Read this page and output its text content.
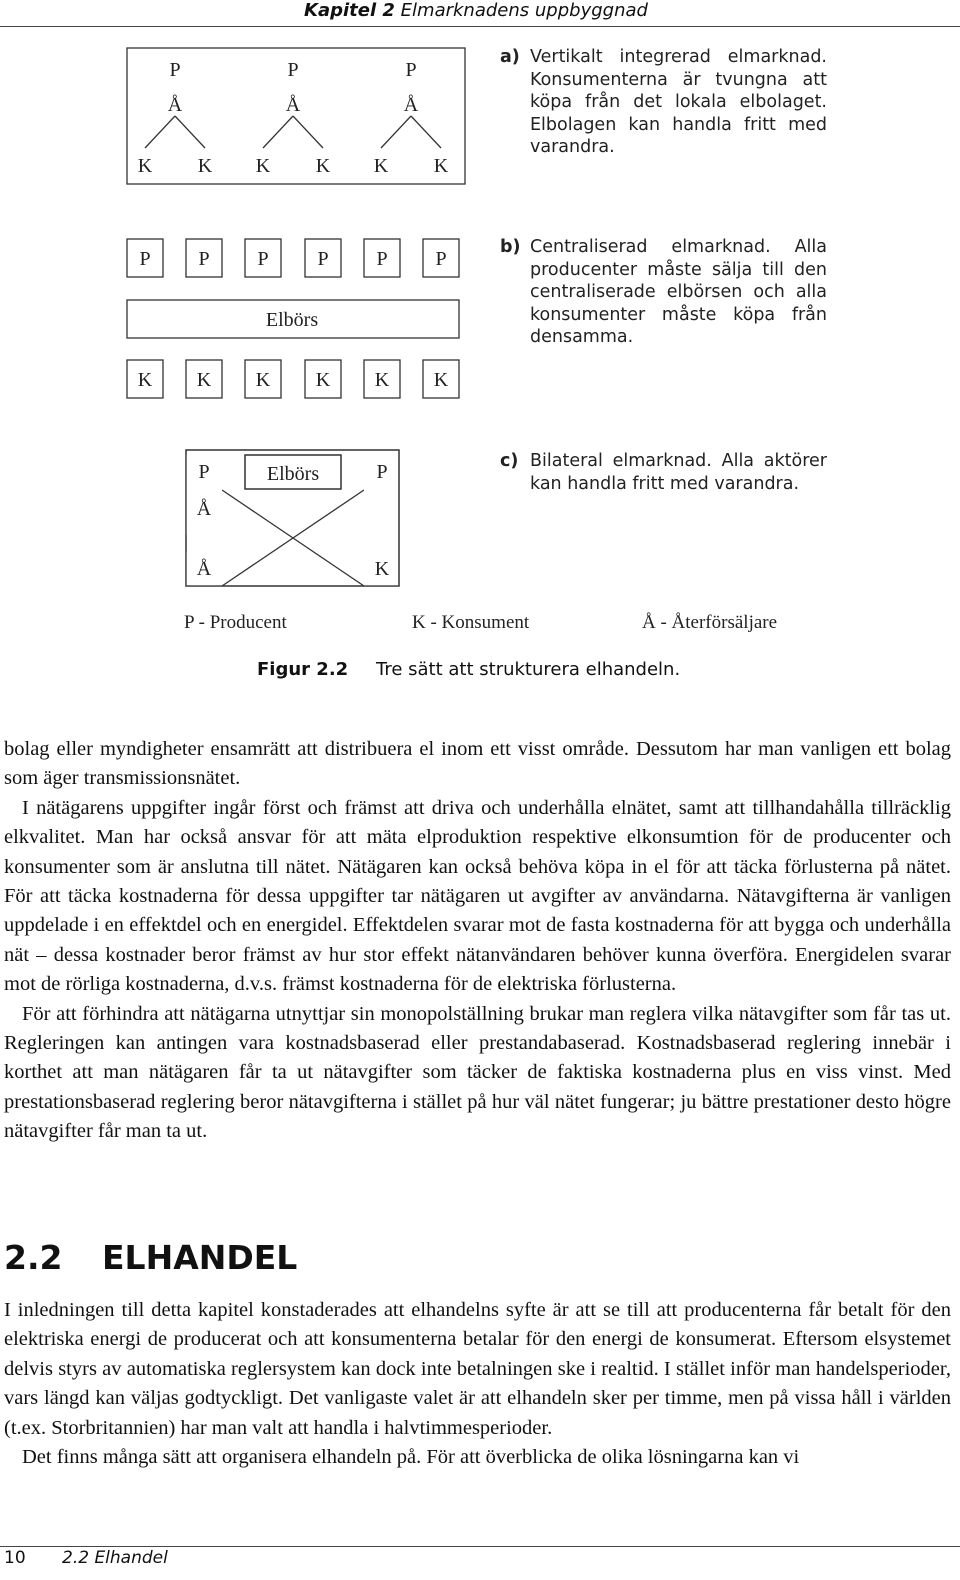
Kapitel 2 Elmarknadens uppbyggnad
P	P	P
Å	Å	Å
K K K K K K
P P P P P P
Elbörs
K K K K K K
P	Elbörs	P
Å
Å	K
a) Vertikalt integrerad elmarknad. Konsumenterna är tvungna att köpa från det lokala elbolaget. Elbolagen kan handla fritt med varandra.
b) Centraliserad elmarknad. Alla producenter måste sälja till den centraliserade elbörsen och alla konsumenter måste köpa från densamma.
c) Bilateral elmarknad. Alla aktörer kan handla fritt med varandra.
P - Producent	K - Konsument	Å - Återförsäljare
Figur 2.2 Tre sätt att strukturera elhandeln.

bolag eller myndigheter ensamrätt att distribuera el inom ett visst område. Dessutom har man vanligen ett bolag som äger transmissionsnätet.

I nätägarens uppgifter ingår först och främst att driva och underhålla elnätet, samt att tillhandahålla tillräcklig elkvalitet. Man har också ansvar för att mäta elproduktion respektive elkonsumtion för de producenter och konsumenter som är anslutna till nätet. Nätägaren kan också behöva köpa in el för att täcka förlusterna på nätet. För att täcka kostnaderna för dessa uppgifter tar nätägaren ut avgifter av användarna. Nätavgifterna är vanligen uppdelade i en effektdel och en energidel. Effektdelen svarar mot de fasta kostnaderna för att bygga och underhålla nät – dessa kostnader beror främst av hur stor effekt nätanvändaren behöver kunna överföra. Energidelen svarar mot de rörliga kostnaderna, d.v.s. främst kostnaderna för de elektriska förlusterna.

För att förhindra att nätägarna utnyttjar sin monopolställning brukar man reglera vilka nätavgifter som får tas ut. Regleringen kan antingen vara kostnadsbaserad eller prestandabaserad. Kostnadsbaserad reglering innebär i korthet att man nätägaren får ta ut nätavgifter som täcker de faktiska kostnaderna plus en viss vinst. Med prestationsbaserad reglering beror nätavgifterna i stället på hur väl nätet fungerar; ju bättre prestationer desto högre nätavgifter får man ta ut.

2.2 ELHANDEL

I inledningen till detta kapitel konstaderades att elhandelns syfte är att se till att producenterna får betalt för den elektriska energi de producerat och att konsumenterna betalar för den energi de konsumerat. Eftersom elsystemet delvis styrs av automatiska reglersystem kan dock inte betalningen ske i realtid. I stället inför man handelsperioder, vars längd kan väljas godtyckligt. Det vanligaste valet är att elhandeln sker per timme, men på vissa håll i världen (t.ex. Storbritannien) har man valt att handla i halvtimmesperioder.

Det finns många sätt att organisera elhandeln på. För att överblicka de olika lösningarna kan vi

10 2.2 Elhandel
